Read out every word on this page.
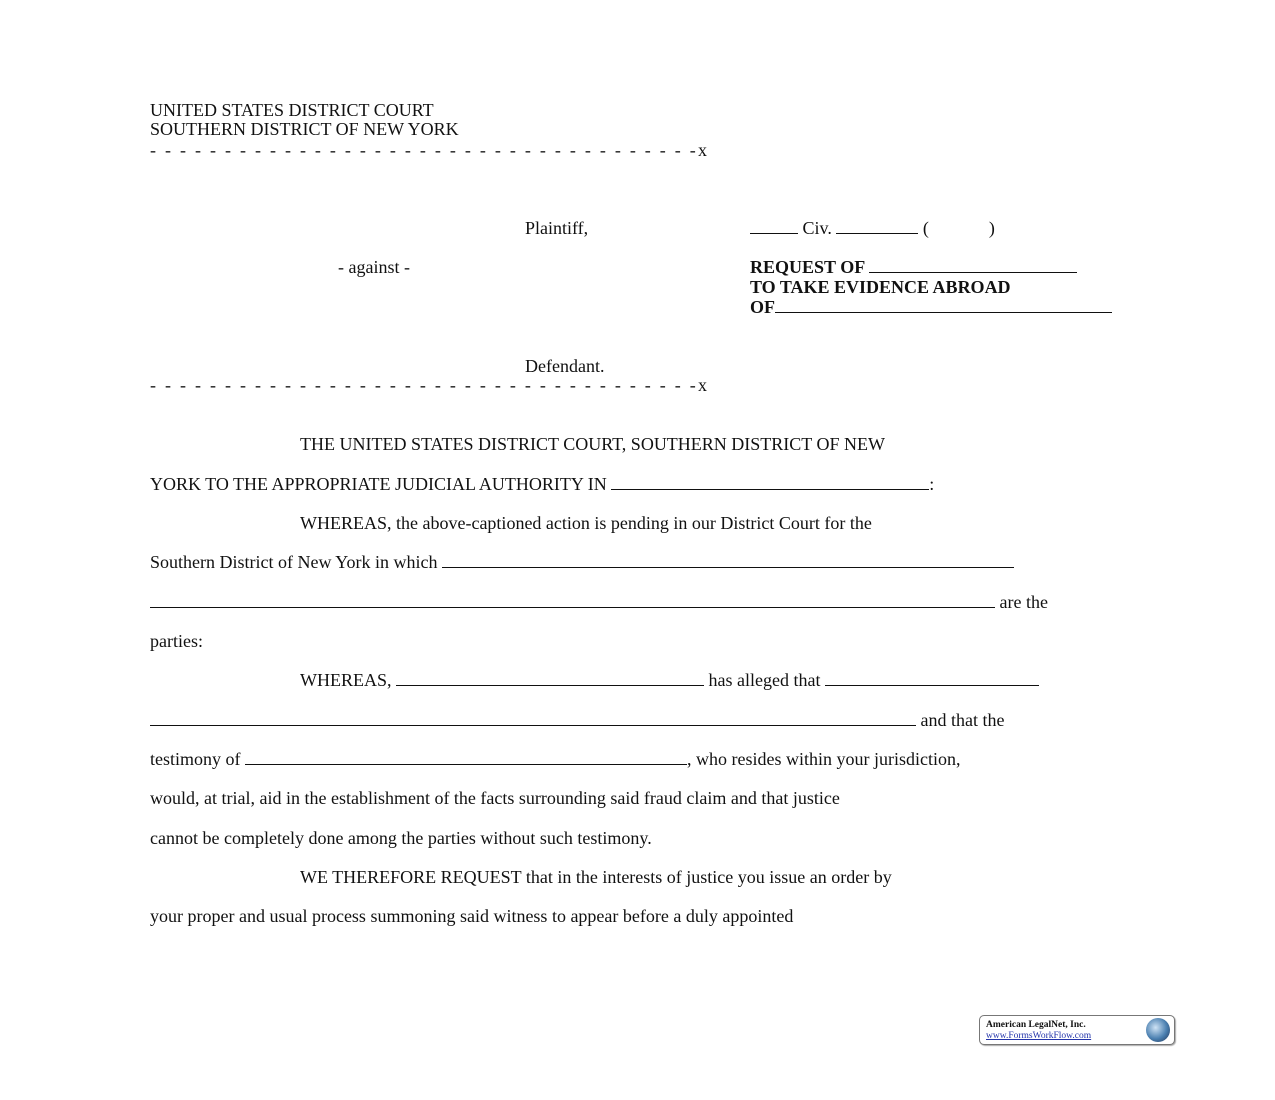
UNITED STATES DISTRICT COURT
SOUTHERN DISTRICT OF NEW YORK
- - - - - - - - - - - - - - - - - - - - - - - - - - - - - - - - - - - - -x
Plaintiff,	Civ.	(	)
- against -	REQUEST OF
TO TAKE EVIDENCE ABROAD
OF
Defendant.
- - - - - - - - - - - - - - - - - - - - - - - - - - - - - - - - - - - - -x
THE UNITED STATES DISTRICT COURT, SOUTHERN DISTRICT OF NEW
YORK TO THE APPROPRIATE JUDICIAL AUTHORITY IN	:
WHEREAS, the above-captioned action is pending in our District Court for the
Southern District of New York in which
are the
parties:
WHEREAS,	has alleged that
and that the
testimony of	, who resides within your jurisdiction,
would, at trial, aid in the establishment of the facts surrounding said fraud claim and that justice
cannot be completely done among the parties without such testimony.
WE THEREFORE REQUEST that in the interests of justice you issue an order by
your proper and usual process summoning said witness to appear before a duly appointed
American LegalNet, Inc.
www.FormsWorkFlow.com
